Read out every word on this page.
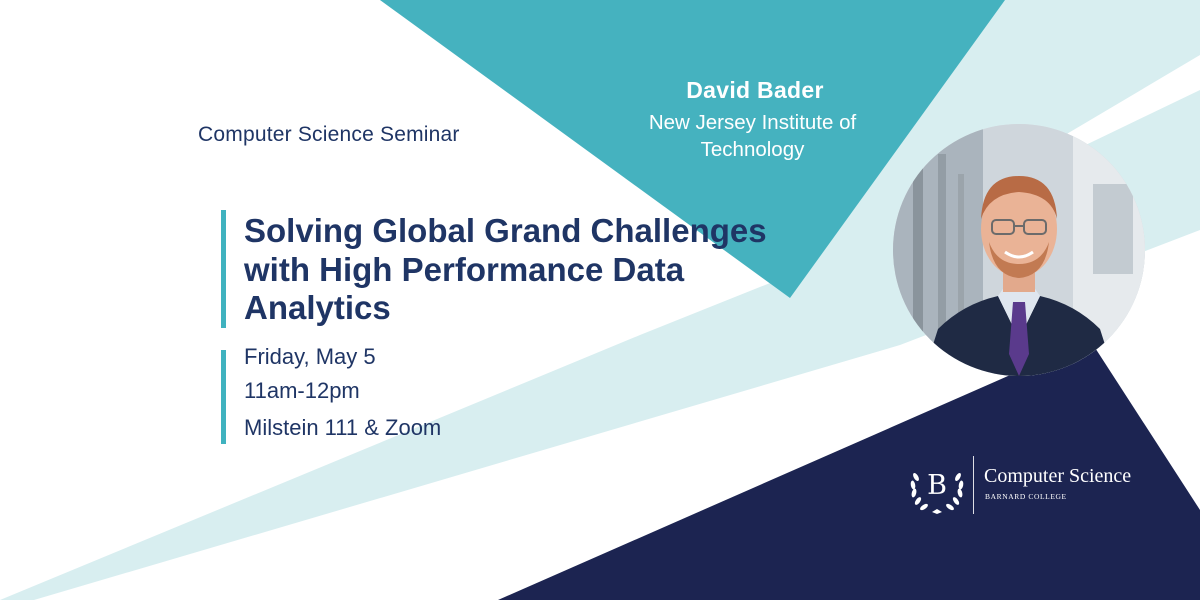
Computer Science Seminar

David Bader

New Jersey Institute of
Technology
Solving Global Grand Challenges
with High Performance Data
Analytics

Friday, May 5

11am-12pm

Milstein 111 & Zoom

B	Computer Science

BARNARD COLLEGE
